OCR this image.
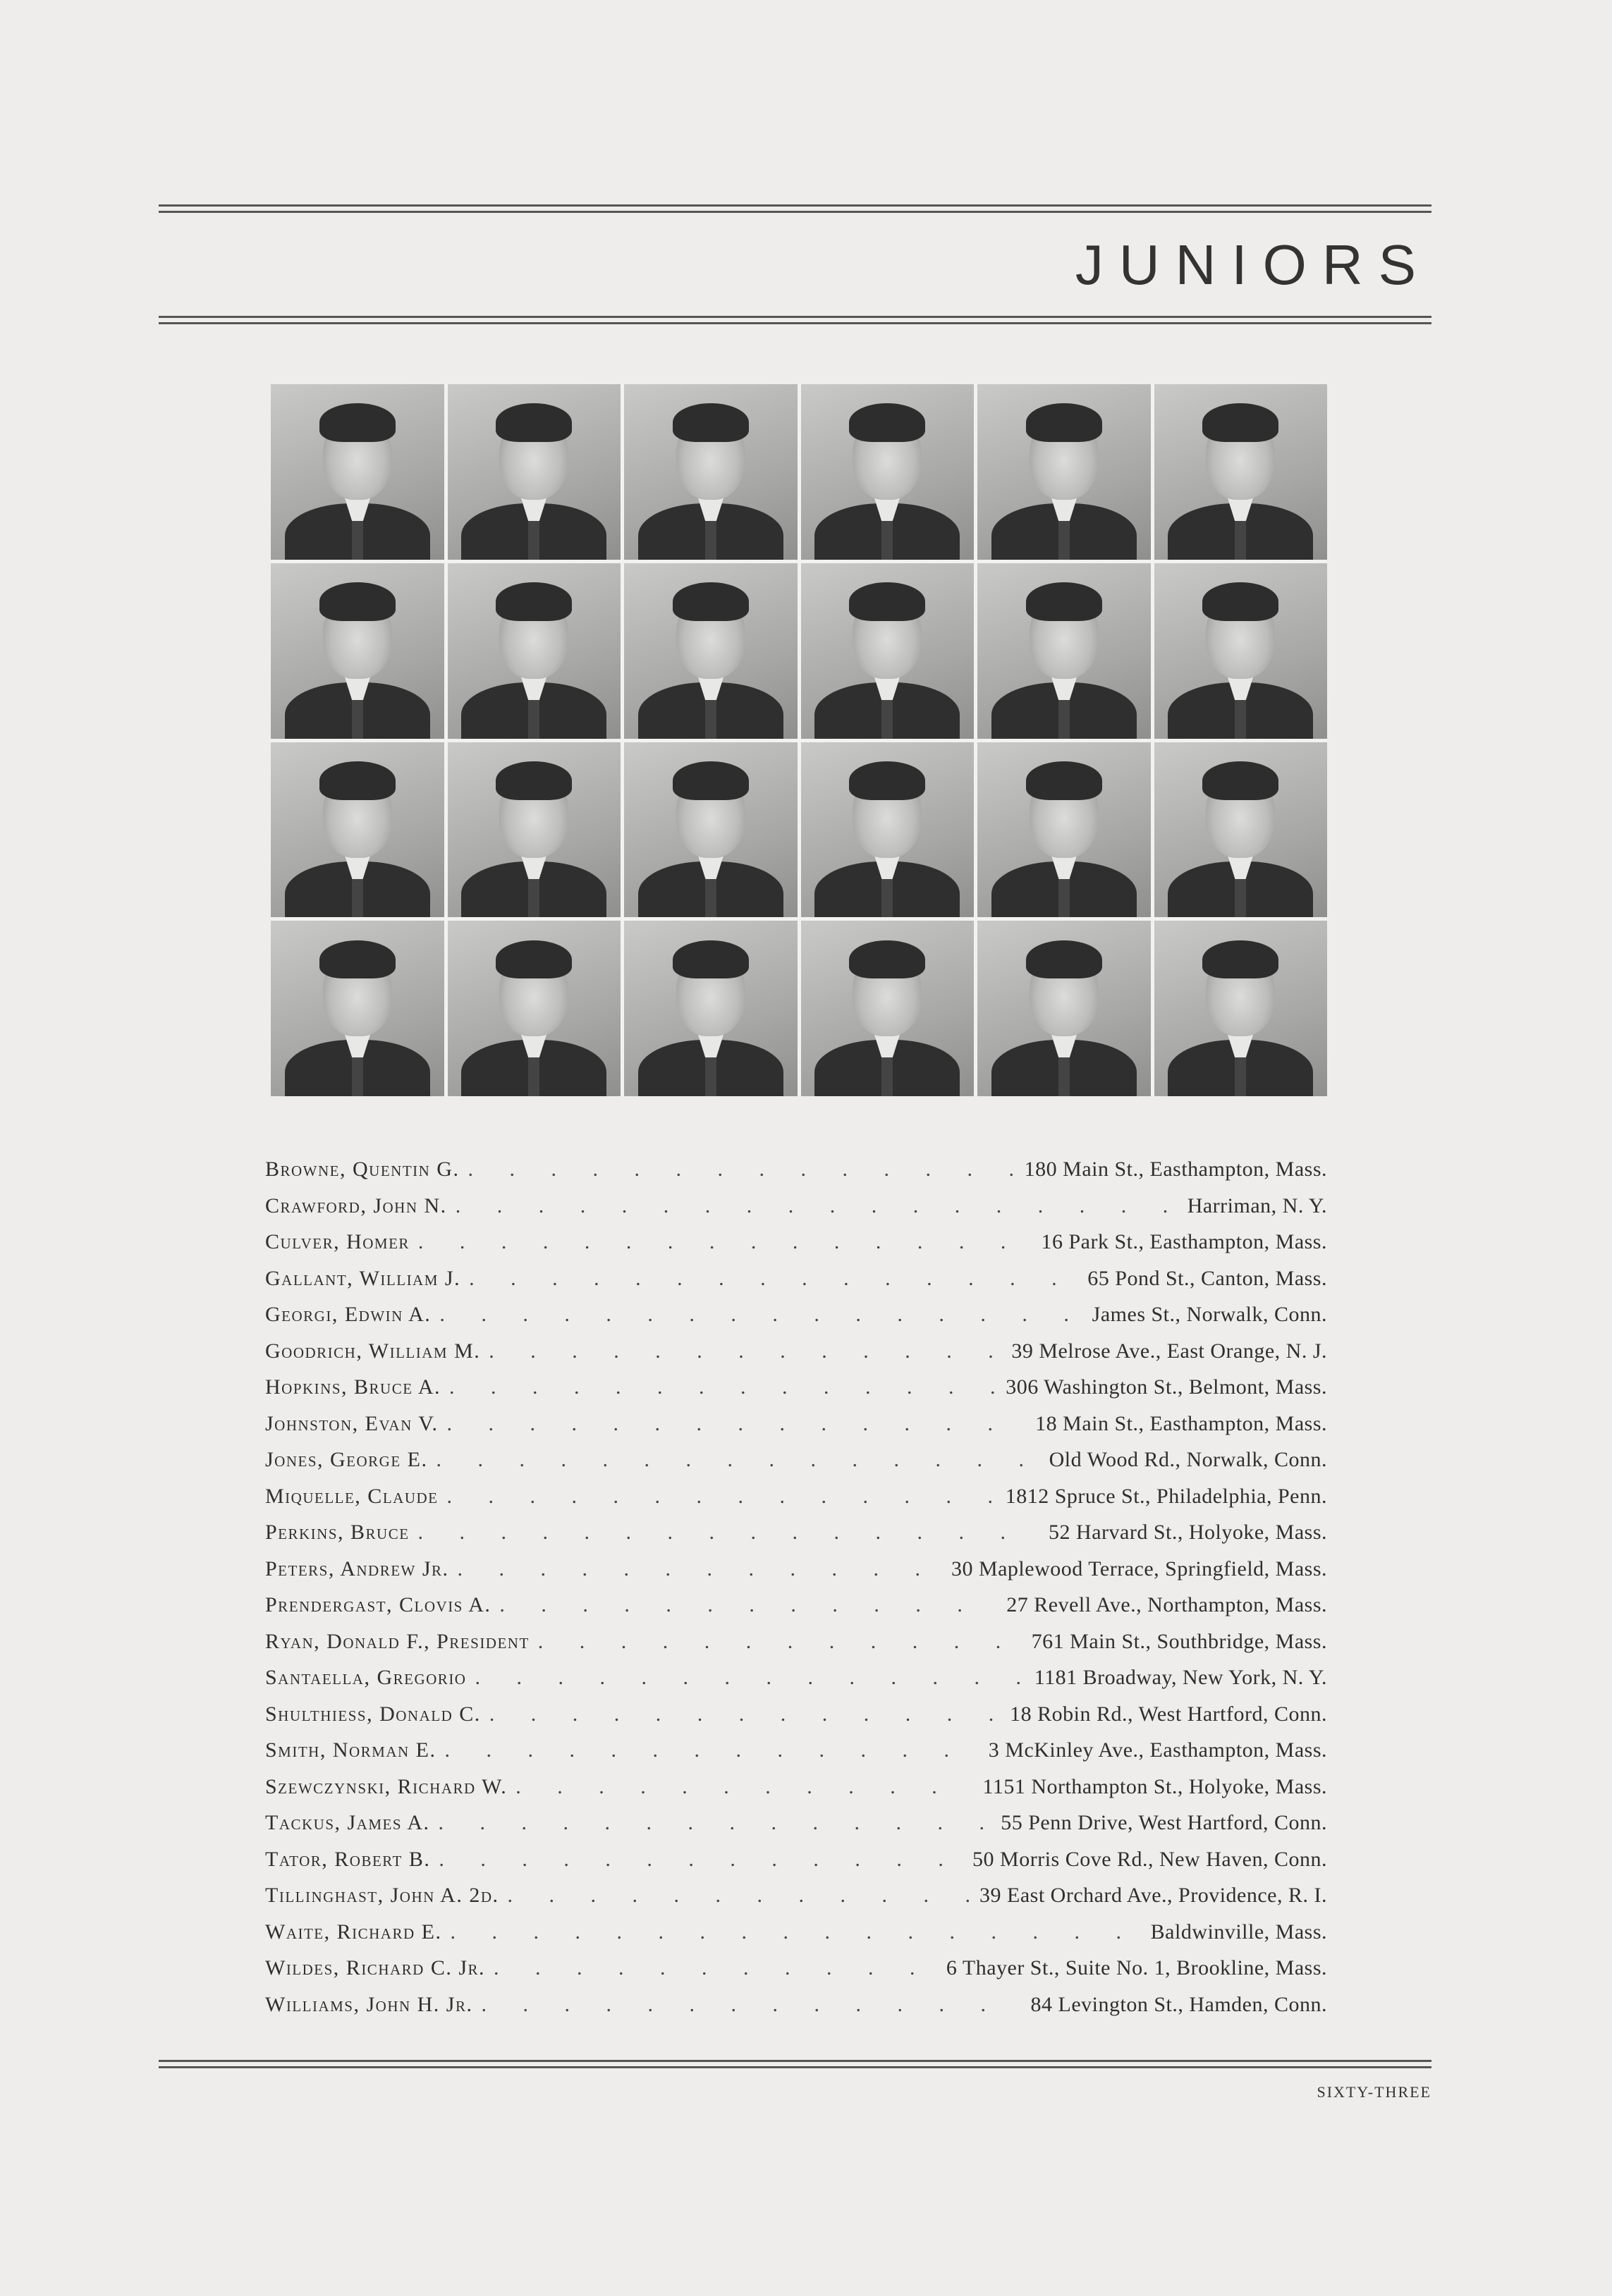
JUNIORS
Browne, Quentin G. . . .	180 Main St., Easthampton, Mass.
Crawford, John N. . . .	Harriman, N. Y.
Culver, Homer . . .	16 Park St., Easthampton, Mass.
Gallant, William J. . . .	65 Pond St., Canton, Mass.
Georgi, Edwin A. . . .	James St., Norwalk, Conn.
Goodrich, William M. . . .	39 Melrose Ave., East Orange, N. J.
Hopkins, Bruce A. . . .	306 Washington St., Belmont, Mass.
Johnston, Evan V. . . .	18 Main St., Easthampton, Mass.
Jones, George E. . . .	Old Wood Rd., Norwalk, Conn.
Miquelle, Claude . . .	1812 Spruce St., Philadelphia, Penn.
Perkins, Bruce . . .	52 Harvard St., Holyoke, Mass.
Peters, Andrew Jr. . . .	30 Maplewood Terrace, Springfield, Mass.
Prendergast, Clovis A. . . .	27 Revell Ave., Northampton, Mass.
Ryan, Donald F., President . . .	761 Main St., Southbridge, Mass.
Santaella, Gregorio . . .	1181 Broadway, New York, N. Y.
Shulthiess, Donald C. . . .	18 Robin Rd., West Hartford, Conn.
Smith, Norman E. . . .	3 McKinley Ave., Easthampton, Mass.
Szewczynski, Richard W. . . .	1151 Northampton St., Holyoke, Mass.
Tackus, James A. . . .	55 Penn Drive, West Hartford, Conn.
Tator, Robert B. . . .	50 Morris Cove Rd., New Haven, Conn.
Tillinghast, John A. 2d. . . .	39 East Orchard Ave., Providence, R. I.
Waite, Richard E. . . .	Baldwinville, Mass.
Wildes, Richard C. Jr. . . .	6 Thayer St., Suite No. 1, Brookline, Mass.
Williams, John H. Jr. . . .	84 Levington St., Hamden, Conn.
SIXTY-THREE
